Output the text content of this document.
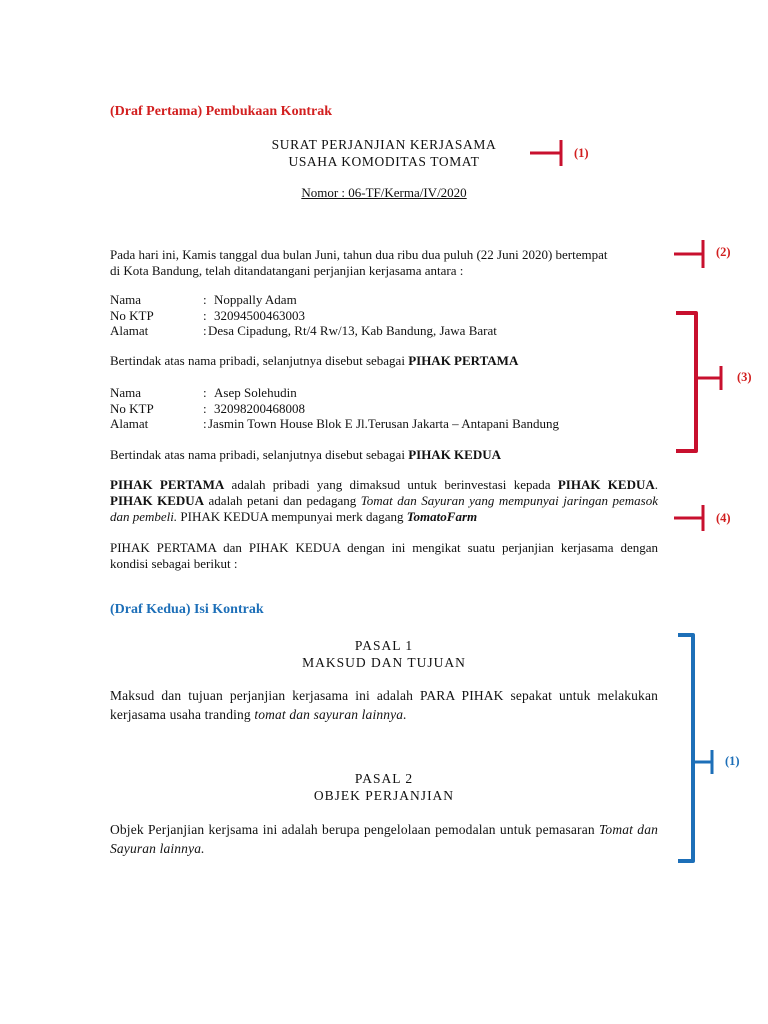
(Draf Pertama) Pembukaan Kontrak
SURAT PERJANJIAN KERJASAMA
USAHA KOMODITAS TOMAT
Nomor : 06-TF/Kerma/IV/2020
Pada hari ini, Kamis tanggal dua bulan Juni, tahun dua ribu dua puluh (22 Juni 2020) bertempat
di Kota Bandung, telah ditandatangani perjanjian kerjasama antara :
Nama	: Noppally Adam
No KTP	: 32094500463003
Alamat	: Desa Cipadung, Rt/4 Rw/13, Kab Bandung, Jawa Barat
Bertindak atas nama pribadi, selanjutnya disebut sebagai PIHAK PERTAMA
Nama	: Asep Solehudin
No KTP	: 32098200468008
Alamat	: Jasmin Town House Blok E Jl.Terusan Jakarta – Antapani Bandung
Bertindak atas nama pribadi, selanjutnya disebut sebagai PIHAK KEDUA
PIHAK PERTAMA adalah pribadi yang dimaksud untuk berinvestasi kepada PIHAK KEDUA. PIHAK KEDUA adalah petani dan pedagang Tomat dan Sayuran yang mempunyai jaringan pemasok dan pembeli. PIHAK KEDUA mempunyai merk dagang TomatoFarm
PIHAK PERTAMA dan PIHAK KEDUA dengan ini mengikat suatu perjanjian kerjasama dengan kondisi sebagai berikut :
(Draf Kedua) Isi Kontrak
PASAL 1
MAKSUD DAN TUJUAN
Maksud dan tujuan perjanjian kerjasama ini adalah PARA PIHAK sepakat untuk melakukan kerjasama usaha tranding tomat dan sayuran lainnya.
PASAL 2
OBJEK PERJANJIAN
Objek Perjanjian kerjsama ini adalah berupa pengelolaan pemodalan untuk pemasaran Tomat dan Sayuran lainnya.
(1)
(2)
(3)
(4)
(1)
